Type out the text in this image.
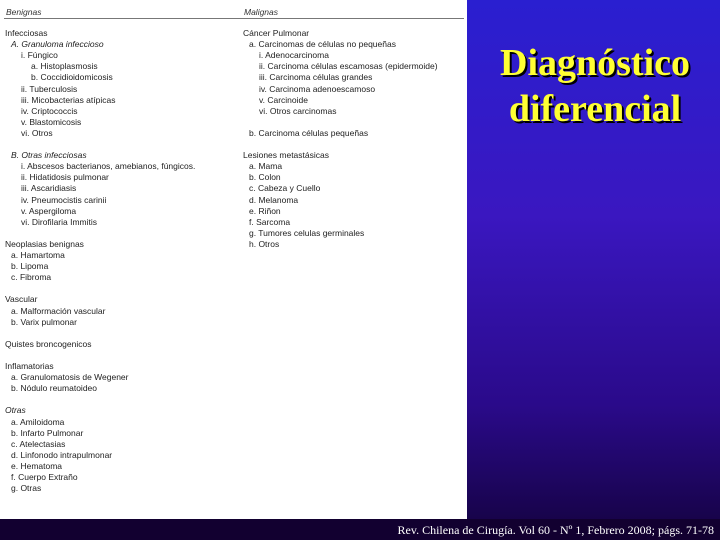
Benignas	Malignas
Infecciosas
A. Granuloma infeccioso
i. Fúngico
a. Histoplasmosis
b. Coccidioidomicosis
ii. Tuberculosis
iii. Micobacterias atípicas
iv. Criptococcis
v. Blastomicosis
vi. Otros
B. Otras infecciosas
i. Abscesos bacterianos, amebianos, fúngicos.
ii. Hidatidosis pulmonar
iii. Ascaridiasis
iv. Pneumocistis carinii
v. Aspergiloma
vi. Dirofilaria Immitis
Neoplasias benignas
a. Hamartoma
b. Lipoma
c. Fibroma
Vascular
a. Malformación vascular
b. Varix pulmonar
Quistes broncogenicos
Inflamatorias
a. Granulomatosis de Wegener
b. Nódulo reumatoideo
Otras
a. Amiloidoma
b. Infarto Pulmonar
c. Atelectasias
d. Linfonodo intrapulmonar
e. Hematoma
f. Cuerpo Extraño
g. Otras
Cáncer Pulmonar
a. Carcinomas de células no pequeñas
i. Adenocarcinoma
ii. Carcinoma células escamosas (epidermoide)
iii. Carcinoma células grandes
iv. Carcinoma adenoescamoso
v. Carcinoide
vi. Otros carcinomas
b. Carcinoma células pequeñas
Lesiones metastásicas
a. Mama
b. Colon
c. Cabeza y Cuello
d. Melanoma
e. Riñon
f. Sarcoma
g. Tumores celulas germinales
h. Otros
Diagnóstico
diferencial
Rev. Chilena de Cirugía. Vol 60 - Nº 1, Febrero 2008; págs. 71-78
